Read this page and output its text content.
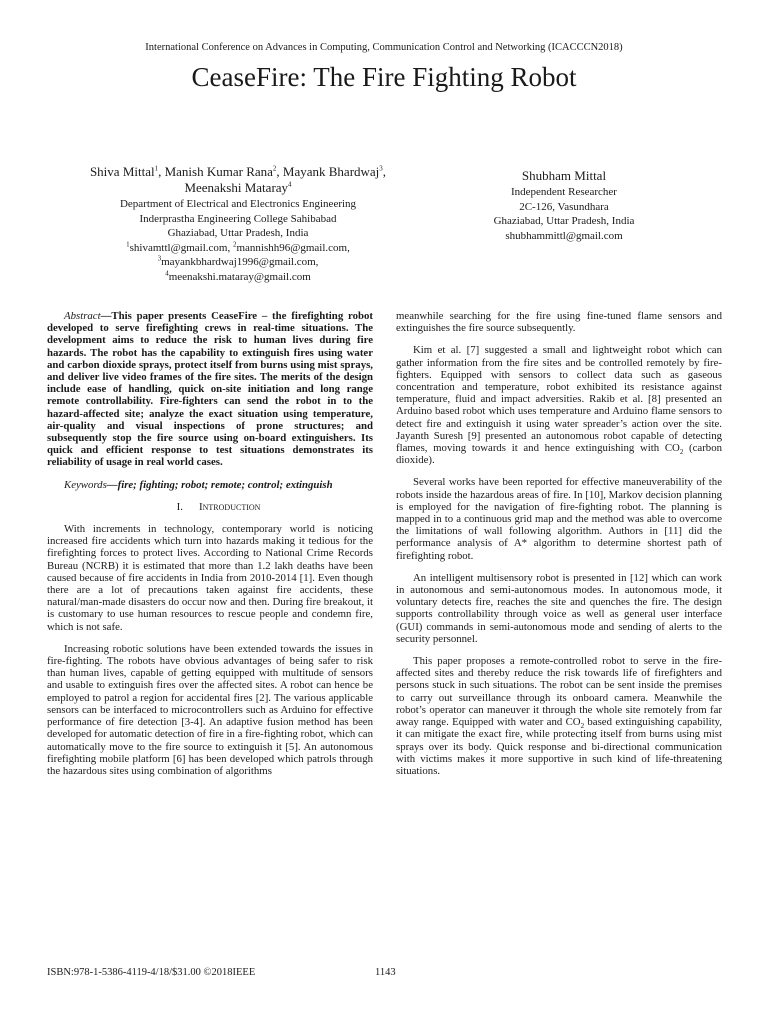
International Conference on Advances in Computing, Communication Control and Networking (ICACCCN2018)
CeaseFire: The Fire Fighting Robot
Shiva Mittal$^1$, Manish Kumar Rana$^2$, Mayank Bhardwaj$^3$, Meenakshi Mataray$^4$
Department of Electrical and Electronics Engineering
Inderprastha Engineering College Sahibabad
Ghaziabad, Uttar Pradesh, India
$^1$shivamttl@gmail.com, $^2$mannishh96@gmail.com,
$^3$mayankbhardwaj1996@gmail.com,
$^4$meenakshi.mataray@gmail.com
Shubham Mittal
Independent Researcher
2C-126, Vasundhara
Ghaziabad, Uttar Pradesh, India
shubhammittl@gmail.com

Abstract—This paper presents CeaseFire – the firefighting robot developed to serve firefighting crews in real-time situations. The development aims to reduce the risk to human lives during fire hazards. The robot has the capability to extinguish fires using water and carbon dioxide sprays, protect itself from burns using mist sprays, and deliver live video frames of the fire sites. The merits of the design include ease of handling, quick on-site initiation and long range remote controllability. Fire-fighters can send the robot in to the hazard-affected site; analyze the exact situation using temperature, air-quality and visual inspections of prone structures; and subsequently stop the fire source using on-board extinguishers. Its quick and efficient response to test situations demonstrates its reliability of usage in real world cases.

Keywords—fire; fighting; robot; remote; control; extinguish

I. Introduction

With increments in technology, contemporary world is noticing increased fire accidents which turn into hazards making it tedious for the firefighting forces to protect lives. According to National Crime Records Bureau (NCRB) it is estimated that more than 1.2 lakh deaths have been caused because of fire accidents in India from 2010-2014 [1]. Even though there are a lot of precautions taken against fire accidents, these natural/man-made disasters do occur now and then. During fire breakout, it is customary to use human resources to rescue people and condemn fire, which is not safe.

Increasing robotic solutions have been extended towards the issues in fire-fighting. The robots have obvious advantages of being safer to risk than human lives, capable of getting equipped with multitude of sensors and usable to extinguish fires over the affected sites. A robot can hence be employed to patrol a region for accidental fires [2]. The various applicable sensors can be interfaced to microcontrollers such as Arduino for effective performance of fire detection [3-4]. An adaptive fusion method has been developed for automatic detection of fire in a fire-fighting robot, which can automatically move to the fire source to extinguish it [5]. An autonomous firefighting mobile platform [6] has been developed which patrols through the hazardous sites using combination of algorithms

meanwhile searching for the fire using fine-tuned flame sensors and extinguishes the fire source subsequently.

Kim et al. [7] suggested a small and lightweight robot which can gather information from the fire sites and be controlled remotely by fire-fighters. Equipped with sensors to collect data such as gaseous concentration and temperature, robot exhibited its resistance against temperature, fluid and impact adversities. Rakib et al. [8] presented an Arduino based robot which uses temperature and Arduino flame sensors to detect fire and extinguish it using water spreader’s action over the site. Jayanth Suresh [9] presented an autonomous robot capable of detecting flames, moving towards it and hence extinguishing with $CO_2$ (carbon dioxide).

Several works have been reported for effective maneuverability of the robots inside the hazardous areas of fire. In [10], Markov decision planning is employed for the navigation of fire-fighting robot. The planning is mapped in to a continuous grid map and the method was able to overcome the limitations of wall following algorithm. Authors in [11] did the performance analysis of A* algorithm to determine shortest path of firefighting robot.

An intelligent multisensory robot is presented in [12] which can work in autonomous and semi-autonomous modes. In autonomous mode, it voluntary detects fire, reaches the site and quenches the fire. The design supports controllability through voice as well as general user interface (GUI) commands in semi-autonomous mode and sending of alerts to the security personnel.

This paper proposes a remote-controlled robot to serve in the fire-affected sites and thereby reduce the risk towards life of firefighters and persons stuck in such situations. The robot can be sent inside the premises to carry out surveillance through its onboard camera. Meanwhile the robot’s operator can maneuver it through the whole site remotely from far away range. Equipped with water and $CO_2$ based extinguishing capability, it can mitigate the exact fire, while protecting itself from burns using mist sprays over its body. Quick response and bi-directional communication with victims makes it more supportive in such kind of life-threatening situations.

ISBN:978-1-5386-4119-4/18/$31.00 ©2018IEEE	1143
